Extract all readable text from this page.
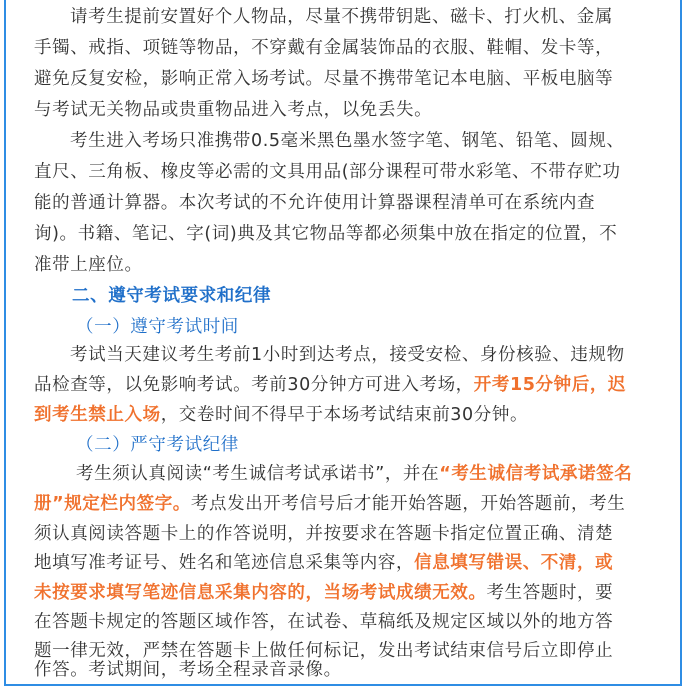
请考生提前安置好个人物品，尽量不携带钥匙、磁卡、打火机、金属
手镯、戒指、项链等物品，不穿戴有金属装饰品的衣服、鞋帽、发卡等，
避免反复安检，影响正常入场考试。尽量不携带笔记本电脑、平板电脑等
与考试无关物品或贵重物品进入考点，以免丢失。
考生进入考场只准携带0.5毫米黑色墨水签字笔、钢笔、铅笔、圆规、
直尺、三角板、橡皮等必需的文具用品(部分课程可带水彩笔、不带存贮功
能的普通计算器。本次考试的不允许使用计算器课程清单可在系统内查
询)。书籍、笔记、字(词)典及其它物品等都必须集中放在指定的位置，不
准带上座位。
二、遵守考试要求和纪律
（一）遵守考试时间
考试当天建议考生考前1小时到达考点，接受安检、身份核验、违规物
品检查等，以免影响考试。考前30分钟方可进入考场，开考15分钟后，迟
到考生禁止入场，交卷时间不得早于本场考试结束前30分钟。
（二）严守考试纪律
考生须认真阅读“考生诚信考试承诺书”，并在“考生诚信考试承诺签名
册”规定栏内签字。考点发出开考信号后才能开始答题，开始答题前，考生
须认真阅读答题卡上的作答说明，并按要求在答题卡指定位置正确、清楚
地填写准考证号、姓名和笔迹信息采集等内容，信息填写错误、不清，或
未按要求填写笔迹信息采集内容的，当场考试成绩无效。考生答题时，要
在答题卡规定的答题区域作答，在试卷、草稿纸及规定区域以外的地方答
题一律无效，严禁在答题卡上做任何标记，发出考试结束信号后立即停止
作答。考试期间，考场全程录音录像。
